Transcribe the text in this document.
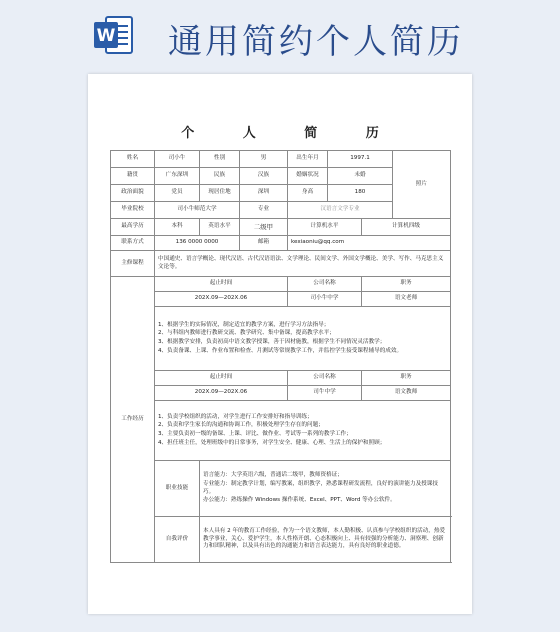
W 通用简约个人简历
个 人 简 历
姓名	司小牛	性别	男	出生年月	1997.1		照片
籍贯	广东深圳	民族	汉族	婚姻状况	未婚		
政治面貌	党员	现居住地	深圳	身高	180		
毕业院校	司小牛师范大学		专业	汉语言文学专业			
最高学历	本科	英语水平	二级甲	计算机水平		计算机四级	
联系方式	136 0000 0000		邮箱	kexiaoniu@qq.com			
主修课程	中国通史、语言学概论、现代汉语、古代汉语语法、文学理论、民间文学、外国文学概论、美学、写作、马克思主义文论等。						
工作经历	起止时间			公司名称		职务	
	202X.09—202X.06			司小牛中学		语文老师	

	1、根据学生的实际情况，制定适宜的教学方案，进行学习方法指导；
2、与科组内教师进行教研交流、教学研究、集中备课，提高教学水平；
3、根据教学安排，负责初高中语文教学授课，善于因材施教，根据学生不同情况灵活教学；
4、负责备课、上课、作业布置和检查、月测试等常规教学工作，并监控学生接受课程辅导的成效。						

	起止时间			公司名称		职务	
	202X.09—202X.06			司牛中学		语文教师	

	1、负责学校组织的活动，对学生进行工作安排好和指导训练；
2、负责和学生家长的沟通和协调工作，积极处理学生存在的问题；
3、主要负责初一级的备课、上课、评比、做作业、考试等一系列的教学工作；
4、担任班主任，处理班级中的日常事务，对学生安全、健康、心理、生活上的保护和照顾；						

	职业技能	语言能力：大学英语六级，普通话二级甲，教师资格证；
专业能力：制定教学计划，编写教案，组织教学，熟悉课程研发流程，良好的演讲能力及授课技巧。
办公能力：熟练操作 Windows 操作系统、Excel、PPT、Word 等办公软件。					

	自我评价	本人具有 2 年的教育工作经验，作为一个语文教师，本人勤积极、认真参与学校组织的活动，热爱教学事业，关心、爱护学生，本人性格开朗、心态积极向上、具有较强的分析能力、洞察理、创新力和团队精神，以及具有出色的沟通能力和语言表达能力，具有良好的职业道德。					
